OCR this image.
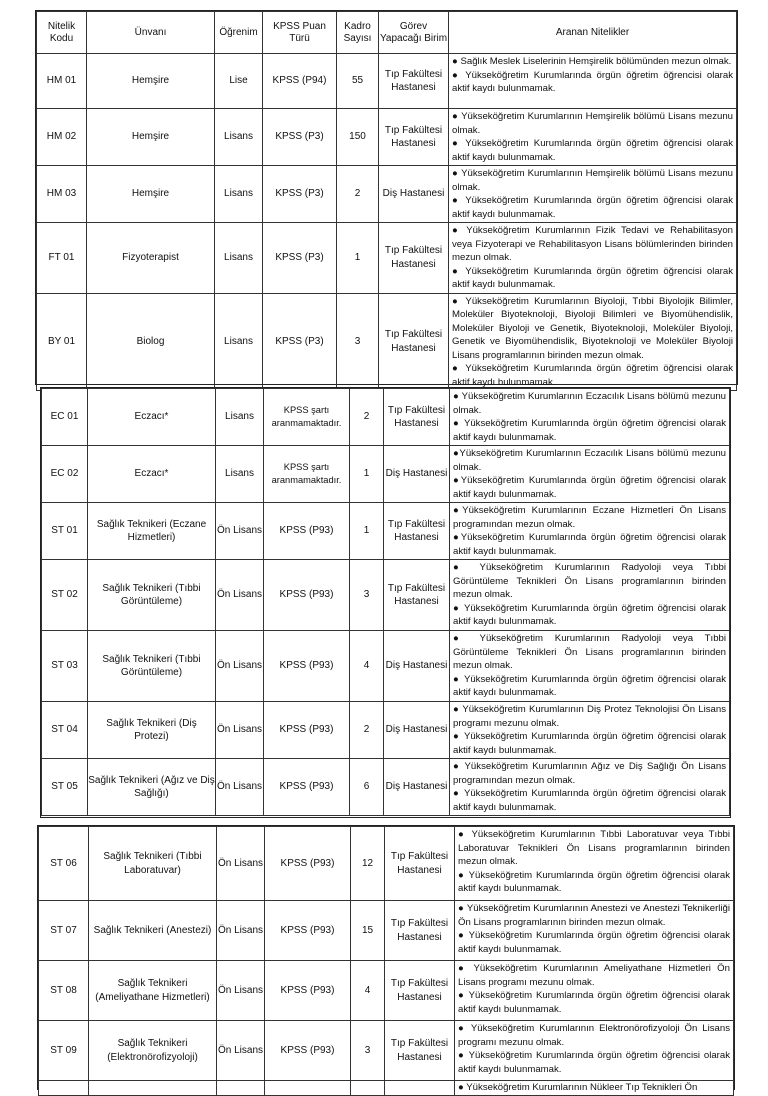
Nitelik Kodu	Ünvanı	Öğrenim	KPSS Puan Türü	Kadro Sayısı	Görev Yapacağı Birim	Aranan Nitelikler
HM 01	Hemşire	Lise	KPSS (P94)	55	Tıp Fakültesi Hastanesi	● Sağlık Meslek Liselerinin Hemşirelik bölümünden mezun olmak.
● Yükseköğretim Kurumlarında örgün öğretim öğrencisi olarak aktif kaydı bulunmamak.

HM 02	Hemşire	Lisans	KPSS (P3)	150	Tıp Fakültesi Hastanesi	● Yükseköğretim Kurumlarının Hemşirelik bölümü Lisans mezunu olmak.
● Yükseköğretim Kurumlarında örgün öğretim öğrencisi olarak aktif kaydı bulunmamak.

HM 03	Hemşire	Lisans	KPSS (P3)	2	Diş Hastanesi	● Yükseköğretim Kurumlarının Hemşirelik bölümü Lisans mezunu olmak.
● Yükseköğretim Kurumlarında örgün öğretim öğrencisi olarak aktif kaydı bulunmamak.

FT 01	Fizyoterapist	Lisans	KPSS (P3)	1	Tıp Fakültesi Hastanesi	● Yükseköğretim Kurumlarının Fizik Tedavi ve Rehabilitasyon veya Fizyoterapi ve Rehabilitasyon Lisans bölümlerinden birinden mezun olmak.
● Yükseköğretim Kurumlarında örgün öğretim öğrencisi olarak aktif kaydı bulunmamak.

BY 01	Biolog	Lisans	KPSS (P3)	3	Tıp Fakültesi Hastanesi	● Yükseköğretim Kurumlarının Biyoloji, Tıbbi Biyolojik Bilimler, Moleküler Biyoteknoloji, Biyoloji Bilimleri ve Biyomühendislik, Moleküler Biyoloji ve Genetik, Biyoteknoloji, Moleküler Biyoloji, Genetik ve Biyomühendislik, Biyoteknoloji ve Moleküler Biyoloji Lisans programlarının birinden mezun olmak.
● Yükseköğretim Kurumlarında örgün öğretim öğrencisi olarak aktif kaydı bulunmamak.
EC 01	Eczacı*	Lisans	KPSS şartı aranmamaktadır.	2	Tıp Fakültesi Hastanesi	● Yükseköğretim Kurumlarının Eczacılık Lisans bölümü mezunu olmak.
● Yükseköğretim Kurumlarında örgün öğretim öğrencisi olarak aktif kaydı bulunmamak.

EC 02	Eczacı*	Lisans	KPSS şartı aranmamaktadır.	1	Diş Hastanesi	●Yükseköğretim Kurumlarının Eczacılık Lisans bölümü mezunu olmak.
●Yükseköğretim Kurumlarında örgün öğretim öğrencisi olarak aktif kaydı bulunmamak.

ST 01	Sağlık Teknikeri (Eczane Hizmetleri)	Ön Lisans	KPSS (P93)	1	Tıp Fakültesi Hastanesi	●Yükseköğretim Kurumlarının Eczane Hizmetleri Ön Lisans programından mezun olmak.
●Yükseköğretim Kurumlarında örgün öğretim öğrencisi olarak aktif kaydı bulunmamak.

ST 02	Sağlık Teknikeri (Tıbbi Görüntüleme)	Ön Lisans	KPSS (P93)	3	Tıp Fakültesi Hastanesi	● Yükseköğretim Kurumlarının Radyoloji veya Tıbbi Görüntüleme Teknikleri Ön Lisans programlarının birinden mezun olmak.
● Yükseköğretim Kurumlarında örgün öğretim öğrencisi olarak aktif kaydı bulunmamak.

ST 03	Sağlık Teknikeri (Tıbbi Görüntüleme)	Ön Lisans	KPSS (P93)	4	Diş Hastanesi	● Yükseköğretim Kurumlarının Radyoloji veya Tıbbi Görüntüleme Teknikleri Ön Lisans programlarının birinden mezun olmak.
● Yükseköğretim Kurumlarında örgün öğretim öğrencisi olarak aktif kaydı bulunmamak.

ST 04	Sağlık Teknikeri (Diş Protezi)	Ön Lisans	KPSS (P93)	2	Diş Hastanesi	● Yükseköğretim Kurumlarının Diş Protez Teknolojisi Ön Lisans programı mezunu olmak.
● Yükseköğretim Kurumlarında örgün öğretim öğrencisi olarak aktif kaydı bulunmamak.

ST 05	Sağlık Teknikeri (Ağız ve Diş Sağlığı)	Ön Lisans	KPSS (P93)	6	Diş Hastanesi	● Yükseköğretim Kurumlarının Ağız ve Diş Sağlığı Ön Lisans programından mezun olmak.
● Yükseköğretim Kurumlarında örgün öğretim öğrencisi olarak aktif kaydı bulunmamak.
ST 06	Sağlık Teknikeri (Tıbbi Laboratuvar)	Ön Lisans	KPSS (P93)	12	Tıp Fakültesi Hastanesi	● Yükseköğretim Kurumlarının Tıbbi Laboratuvar veya Tıbbi Laboratuvar Teknikleri Ön Lisans programlarının birinden mezun olmak.
● Yükseköğretim Kurumlarında örgün öğretim öğrencisi olarak aktif kaydı bulunmamak.

ST 07	Sağlık Teknikeri (Anestezi)	Ön Lisans	KPSS (P93)	15	Tıp Fakültesi Hastanesi	● Yükseköğretim Kurumlarının Anestezi ve Anestezi Teknikerliği Ön Lisans programlarının birinden mezun olmak.
● Yükseköğretim Kurumlarında örgün öğretim öğrencisi olarak aktif kaydı bulunmamak.

ST 08	Sağlık Teknikeri (Ameliyathane Hizmetleri)	Ön Lisans	KPSS (P93)	4	Tıp Fakültesi Hastanesi	● Yükseköğretim Kurumlarının Ameliyathane Hizmetleri Ön Lisans programı mezunu olmak.
● Yükseköğretim Kurumlarında örgün öğretim öğrencisi olarak aktif kaydı bulunmamak.

ST 09	Sağlık Teknikeri (Elektronörofizyoloji)	Ön Lisans	KPSS (P93)	3	Tıp Fakültesi Hastanesi	● Yükseköğretim Kurumlarının Elektronörofizyoloji Ön Lisans programı mezunu olmak.
● Yükseköğretim Kurumlarında örgün öğretim öğrencisi olarak aktif kaydı bulunmamak.

						● Yükseköğretim Kurumlarının Nükleer Tıp Teknikleri Ön
